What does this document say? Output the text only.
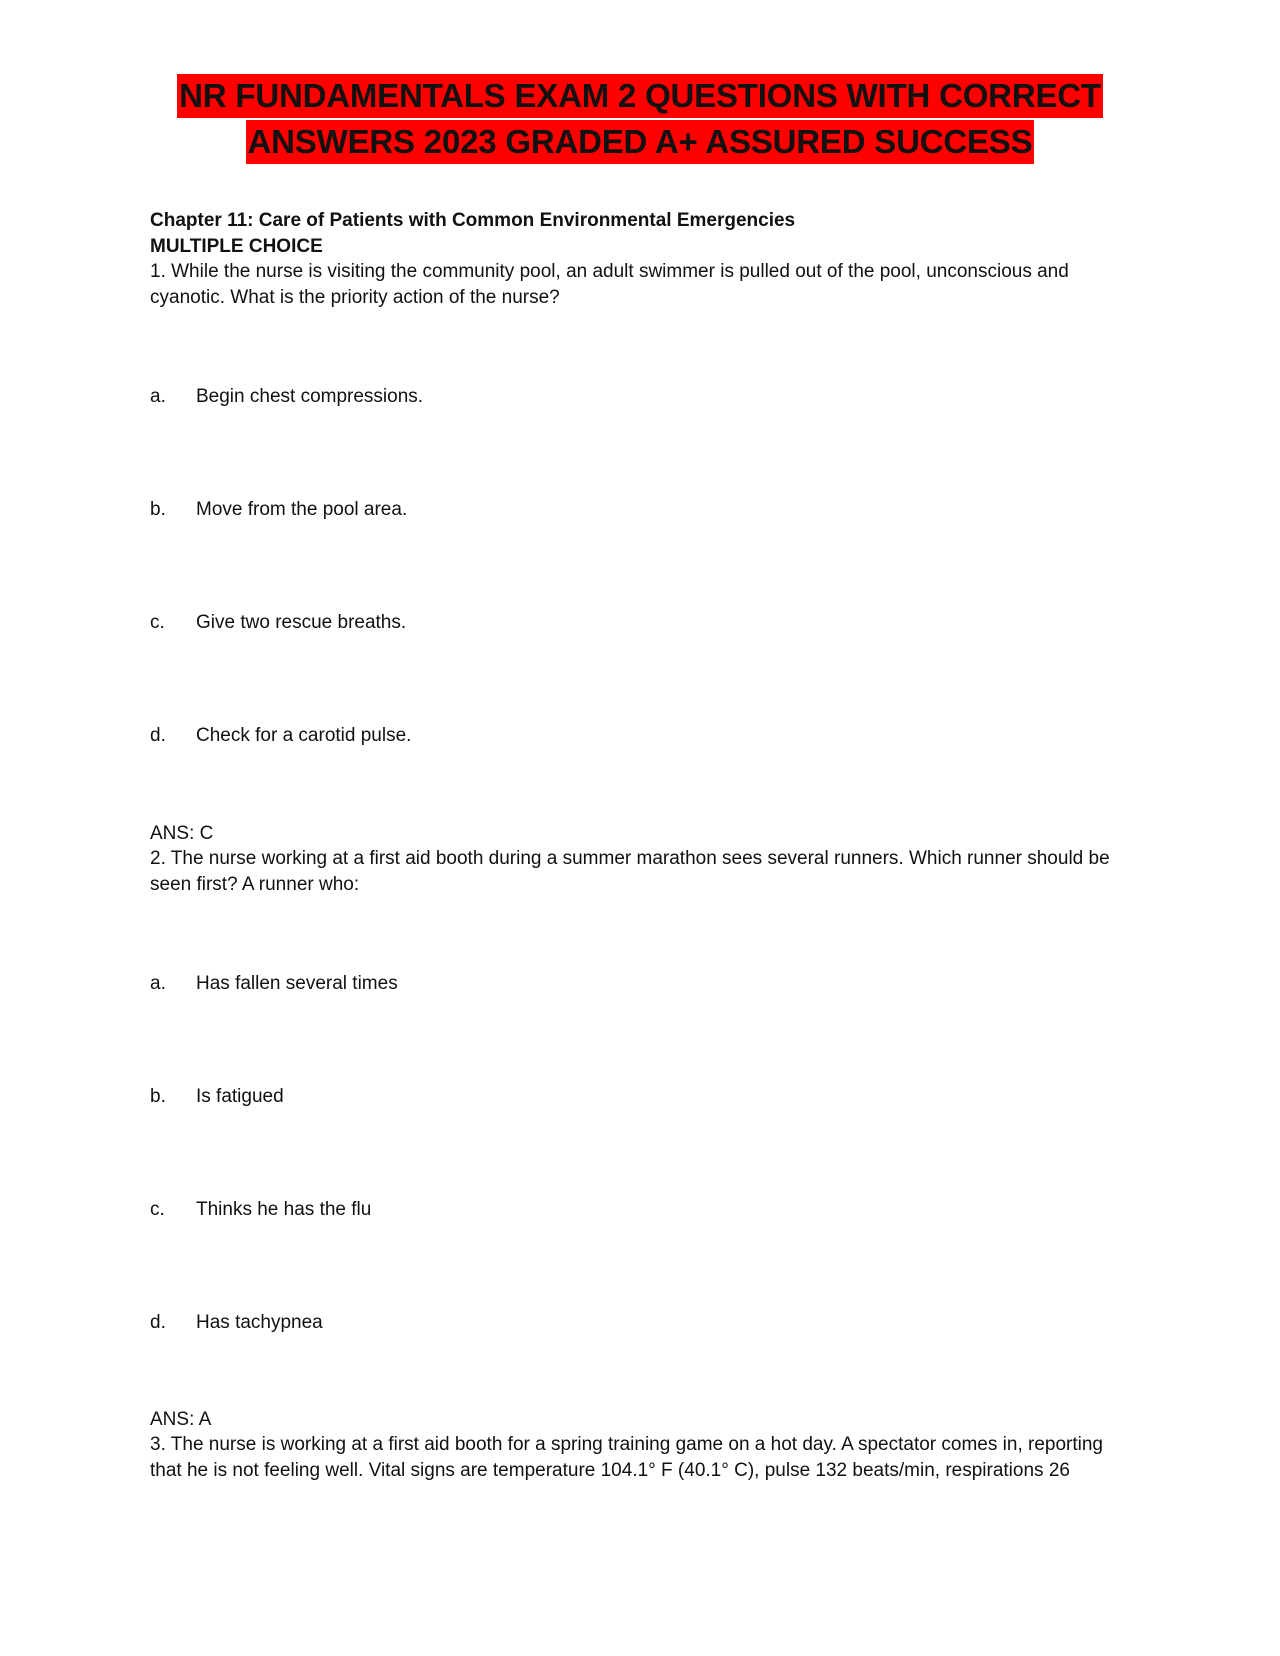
NR FUNDAMENTALS EXAM 2 QUESTIONS WITH CORRECT
ANSWERS 2023 GRADED A+ ASSURED SUCCESS
Chapter 11: Care of Patients with Common Environmental Emergencies
MULTIPLE CHOICE
1. While the nurse is visiting the community pool, an adult swimmer is pulled out of the pool, unconscious and cyanotic. What is the priority action of the nurse?
a. Begin chest compressions.
b. Move from the pool area.
c. Give two rescue breaths.
d. Check for a carotid pulse.
ANS: C
2. The nurse working at a first aid booth during a summer marathon sees several runners. Which runner should be seen first? A runner who:
a. Has fallen several times
b. Is fatigued
c. Thinks he has the flu
d. Has tachypnea
ANS: A
3. The nurse is working at a first aid booth for a spring training game on a hot day. A spectator comes in, reporting that he is not feeling well. Vital signs are temperature 104.1° F (40.1° C), pulse 132 beats/min, respirations 26
